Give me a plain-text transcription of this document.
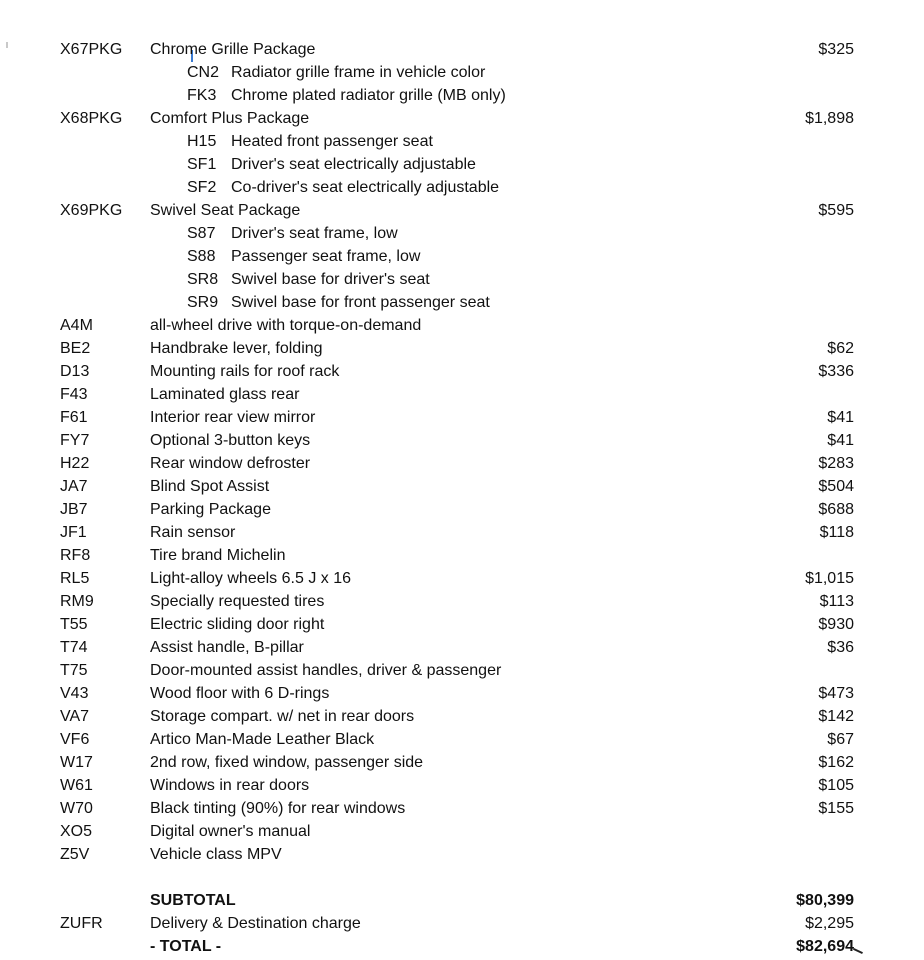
X67PKG Chrome Grille Package	$325
CN2 Radiator grille frame in vehicle color
FK3 Chrome plated radiator grille (MB only)
X68PKG Comfort Plus Package	$1,898
H15 Heated front passenger seat
SF1 Driver's seat electrically adjustable
SF2 Co-driver's seat electrically adjustable
X69PKG Swivel Seat Package	$595
S87 Driver's seat frame, low
S88 Passenger seat frame, low
SR8 Swivel base for driver's seat
SR9 Swivel base for front passenger seat
A4M	all-wheel drive with torque-on-demand
BE2	Handbrake lever, folding	$62
D13	Mounting rails for roof rack	$336
F43	Laminated glass rear
F61	Interior rear view mirror	$41
FY7	Optional 3-button keys	$41
H22	Rear window defroster	$283
JA7	Blind Spot Assist	$504
JB7	Parking Package	$688
JF1	Rain sensor	$118
RF8	Tire brand Michelin
RL5	Light-alloy wheels 6.5 J x 16	$1,015
RM9	Specially requested tires	$113
T55	Electric sliding door right	$930
T74	Assist handle, B-pillar	$36
T75	Door-mounted assist handles, driver & passenger
V43	Wood floor with 6 D-rings	$473
VA7	Storage compart. w/ net in rear doors	$142
VF6	Artico Man-Made Leather Black	$67
W17	2nd row, fixed window, passenger side	$162
W61	Windows in rear doors	$105
W70	Black tinting (90%) for rear windows	$155
XO5	Digital owner's manual
Z5V	Vehicle class MPV
SUBTOTAL	$80,399
ZUFR	Delivery & Destination charge	$2,295
- TOTAL -	$82,694
